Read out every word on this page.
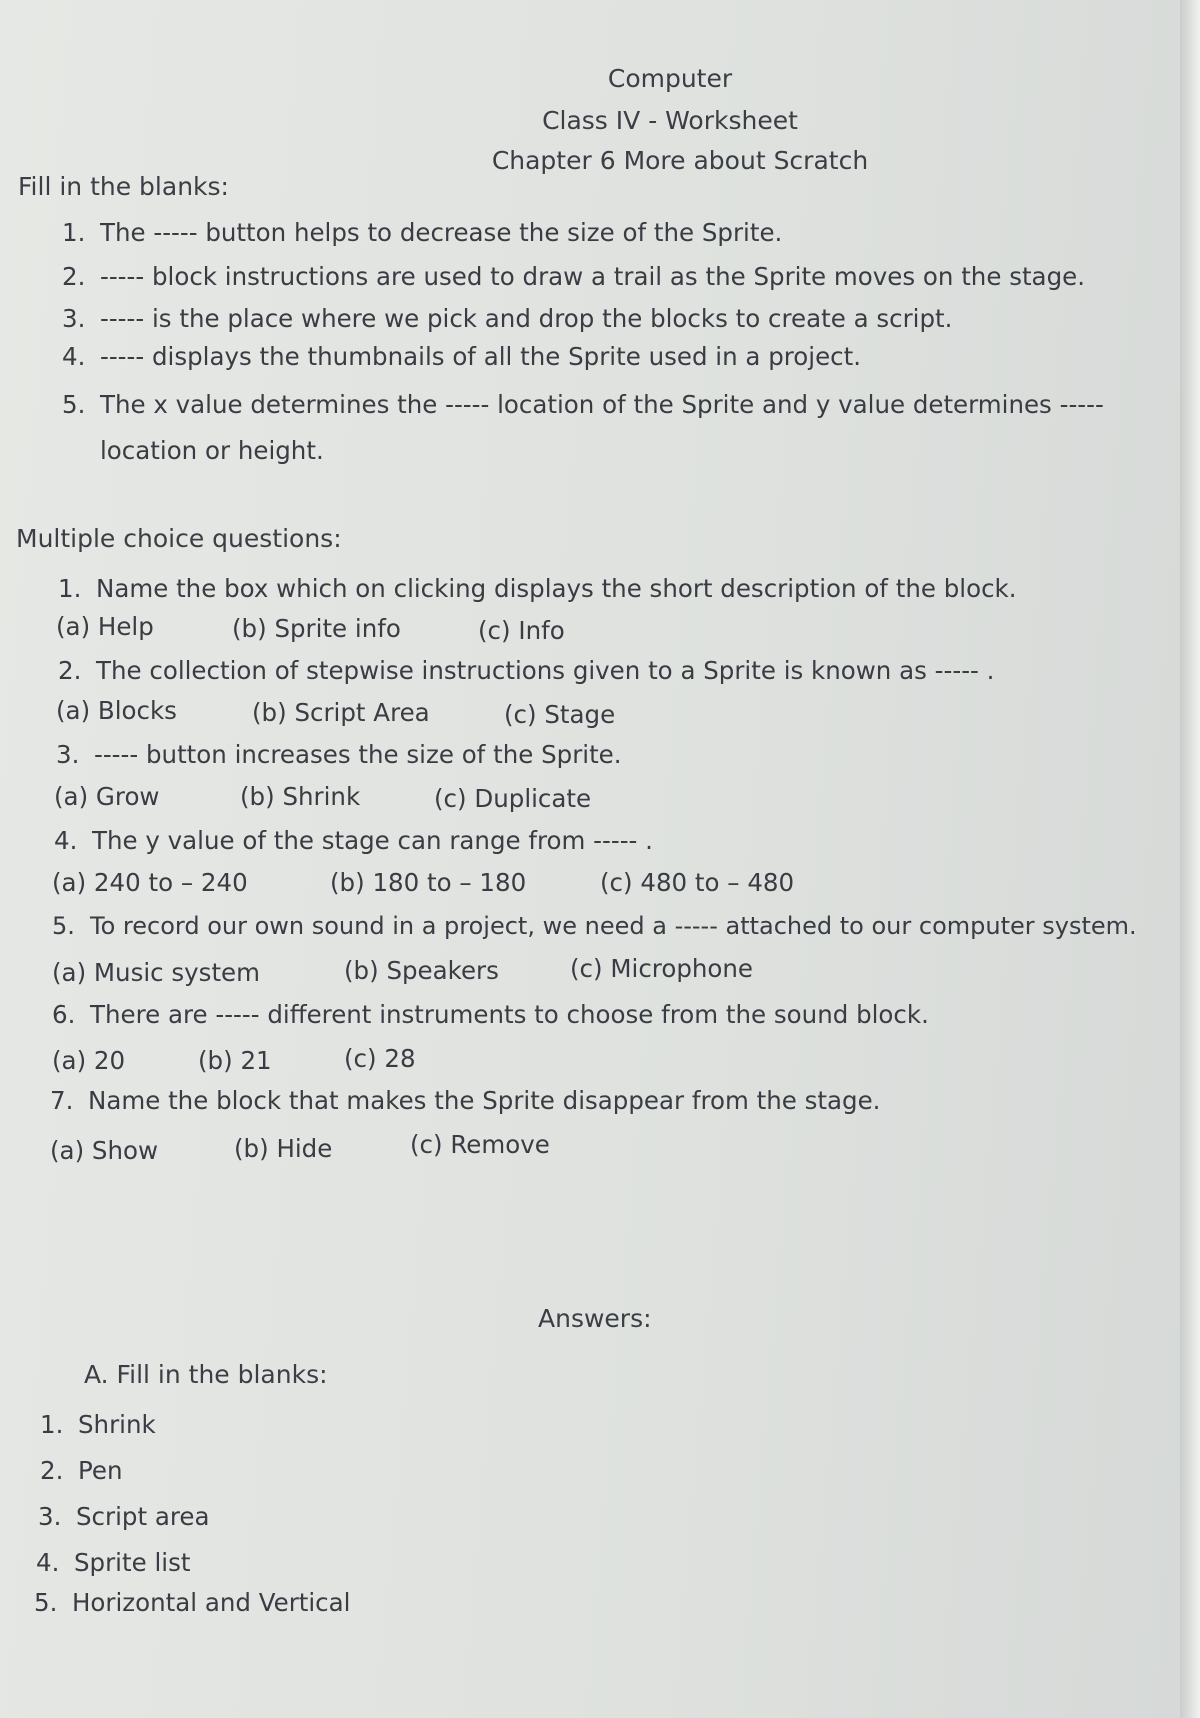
Computer
Class IV - Worksheet
Chapter 6 More about Scratch
Fill in the blanks:
1. The ----- button helps to decrease the size of the Sprite.
2. ----- block instructions are used to draw a trail as the Sprite moves on the stage.
3. ----- is the place where we pick and drop the blocks to create a script.
4. ----- displays the thumbnails of all the Sprite used in a project.
5. The x value determines the ----- location of the Sprite and y value determines -----
location or height.
Multiple choice questions:
1. Name the box which on clicking displays the short description of the block.
(a) Help	(b) Sprite info	(c) Info
2. The collection of stepwise instructions given to a Sprite is known as ----- .
(a) Blocks	(b) Script Area	(c) Stage
3. ----- button increases the size of the Sprite.
(a) Grow	(b) Shrink	(c) Duplicate
4. The y value of the stage can range from ----- .
(a) 240 to – 240	(b) 180 to – 180	(c) 480 to – 480
5. To record our own sound in a project, we need a ----- attached to our computer system.
(a) Music system	(b) Speakers	(c) Microphone
6. There are ----- different instruments to choose from the sound block.
(a) 20	(b) 21	(c) 28
7. Name the block that makes the Sprite disappear from the stage.
(a) Show	(b) Hide	(c) Remove
Answers:
A. Fill in the blanks:
1. Shrink
2. Pen
3. Script area
4. Sprite list
5. Horizontal and Vertical
